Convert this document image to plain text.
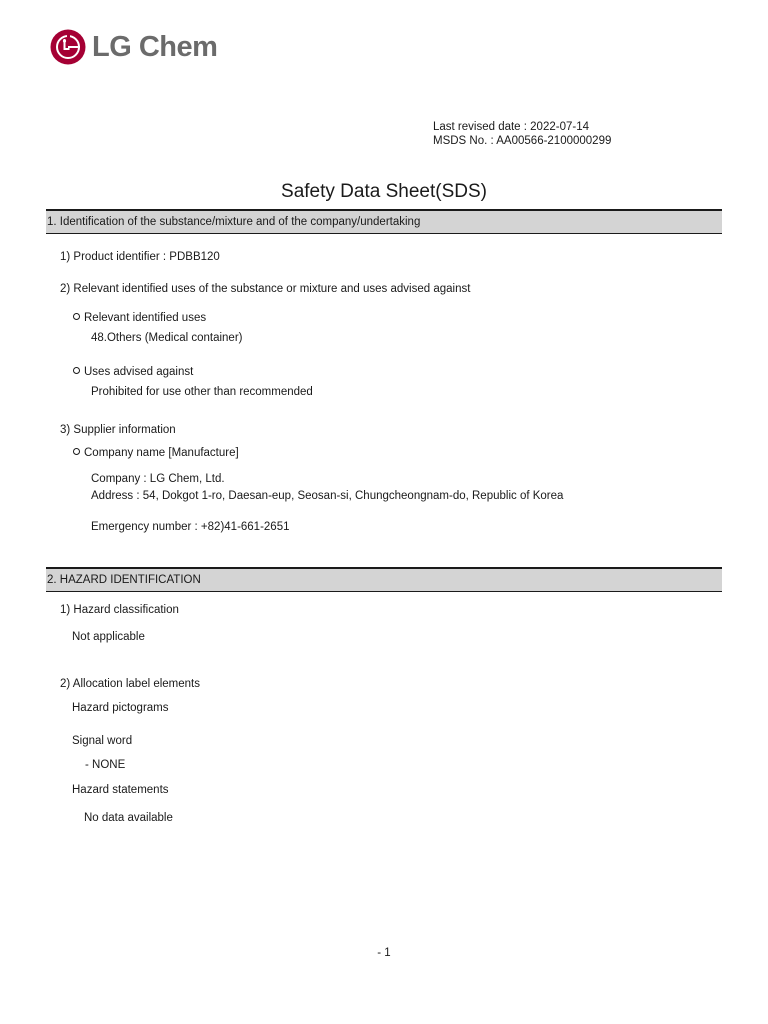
LG Chem
Last revised date : 2022-07-14
MSDS No. : AA00566-2100000299
Safety Data Sheet(SDS)
1. Identification of the substance/mixture and of the company/undertaking
1) Product identifier : PDBB120
2) Relevant identified uses of the substance or mixture and uses advised against
Relevant identified uses
48.Others (Medical container)
Uses advised against
Prohibited for use other than recommended
3) Supplier information
Company name [Manufacture]
Company : LG Chem, Ltd.
Address : 54, Dokgot 1-ro, Daesan-eup, Seosan-si, Chungcheongnam-do, Republic of Korea
Emergency number : +82)41-661-2651
2. HAZARD IDENTIFICATION
1) Hazard classification
Not applicable
2) Allocation label elements
Hazard pictograms
Signal word
- NONE
Hazard statements
No data available
- 1
